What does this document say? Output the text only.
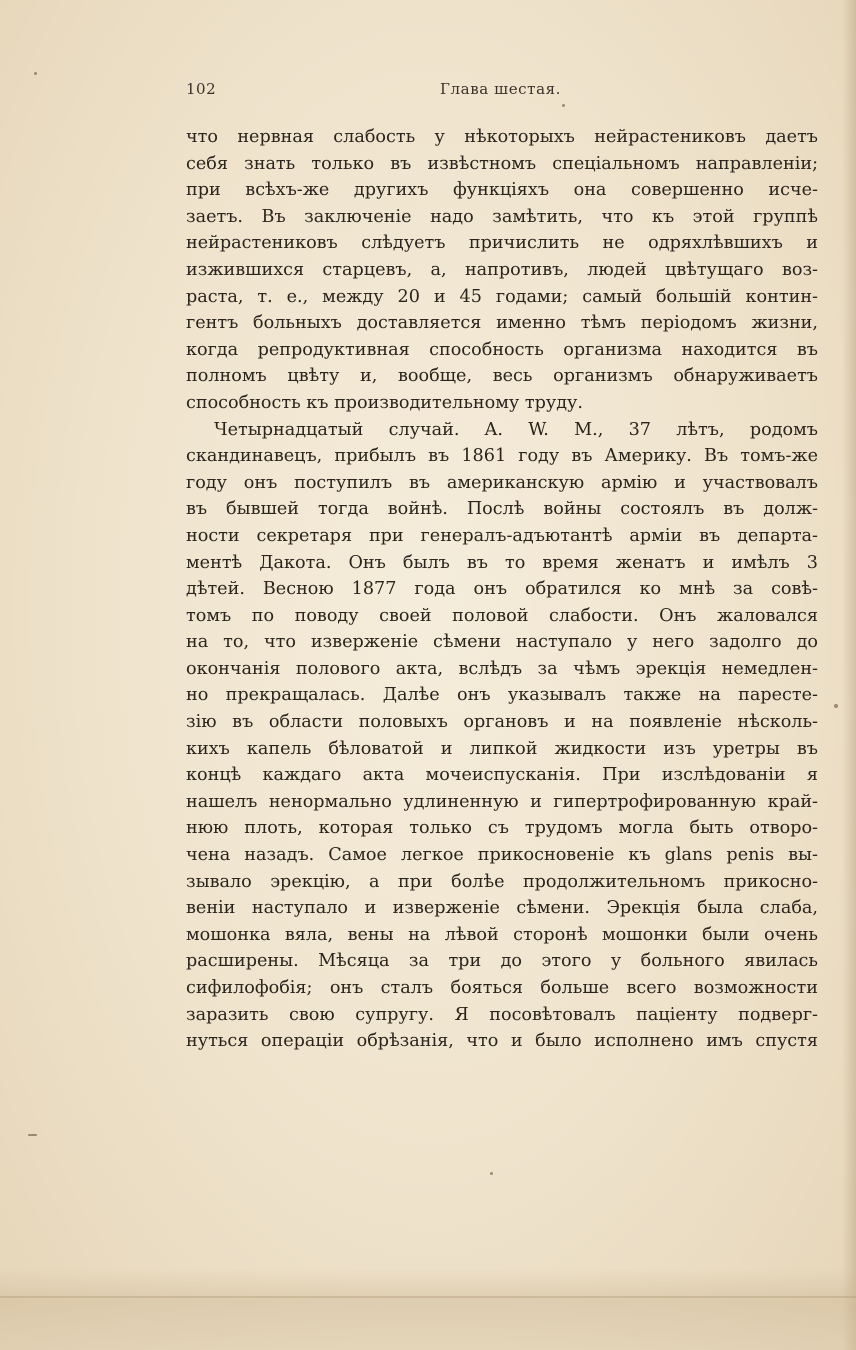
102	Глава шестая.
что нервная слабость у нѣкоторыхъ нейрастениковъ даетъ
себя знать только въ извѣстномъ спеціальномъ направленіи;
при всѣхъ-же другихъ функціяхъ она совершенно исче-
заетъ. Въ заключеніе надо замѣтить, что къ этой группѣ
нейрастениковъ слѣдуетъ причислить не одряхлѣвшихъ и
изжившихся старцевъ, а, напротивъ, людей цвѣтущаго воз-
раста, т. е., между 20 и 45 годами; самый большій контин-
гентъ больныхъ доставляется именно тѣмъ періодомъ жизни,
когда репродуктивная способность организма находится въ
полномъ цвѣту и, вообще, весь организмъ обнаруживаетъ
способность къ производительному труду.
Четырнадцатый случай. A. W. M., 37 лѣтъ, родомъ
скандинавецъ, прибылъ въ 1861 году въ Америку. Въ томъ-же
году онъ поступилъ въ американскую армію и участвовалъ
въ бывшей тогда войнѣ. Послѣ войны состоялъ въ долж-
ности секретаря при генералъ-адъютантѣ арміи въ департа-
ментѣ Дакота. Онъ былъ въ то время женатъ и имѣлъ 3
дѣтей. Весною 1877 года онъ обратился ко мнѣ за совѣ-
томъ по поводу своей половой слабости. Онъ жаловался
на то, что изверженіе сѣмени наступало у него задолго до
окончанія полового акта, вслѣдъ за чѣмъ эрекція немедлен-
но прекращалась. Далѣе онъ указывалъ также на парестe-
зію въ области половыхъ органовъ и на появленіе нѣсколь-
кихъ капель бѣловатой и липкой жидкости изъ уретры въ
концѣ каждаго акта мочеиспусканія. При изслѣдованіи я
нашелъ ненормально удлиненную и гипертрофированную край-
нюю плоть, которая только съ трудомъ могла быть отворо-
чена назадъ. Самое легкое прикосновеніе къ glans penis вы-
зывало эрекцію, а при болѣе продолжительномъ прикосно-
веніи наступало и изверженіе сѣмени. Эрекція была слаба,
мошонка вяла, вены на лѣвой сторонѣ мошонки были очень
расширены. Мѣсяца за три до этого у больного явилась
сифилофобія; онъ сталъ бояться больше всего возможности
заразить свою супругу. Я посовѣтовалъ паціенту подверг-
нуться операціи обрѣзанія, что и было исполнено имъ спустя
